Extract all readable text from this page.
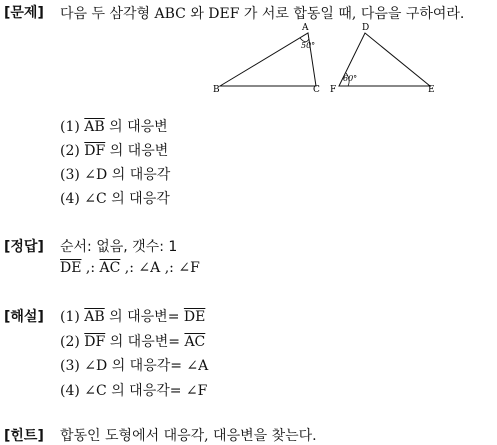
[문제] 다음 두 삼각형 ABC 와 DEF 가 서로 합동일 때, 다음을 구하여라.
A
B	C
50°
D
E
F
60°
(1) $\overline{AB}$ 의 대응변
(2) $\overline{DF}$ 의 대응변
(3) ∠D 의 대응각
(4) ∠C 의 대응각
[정답] 순서: 없음, 갯수: 1
$\overline{DE}$ ,: $\overline{AC}$ ,: ∠A ,: ∠F
[해설] (1) $\overline{AB}$ 의 대응변= $\overline{DE}$
(2) $\overline{DF}$ 의 대응변= $\overline{AC}$
(3) ∠D 의 대응각= ∠A
(4) ∠C 의 대응각= ∠F
[힌트] 합동인 도형에서 대응각, 대응변을 찾는다.
